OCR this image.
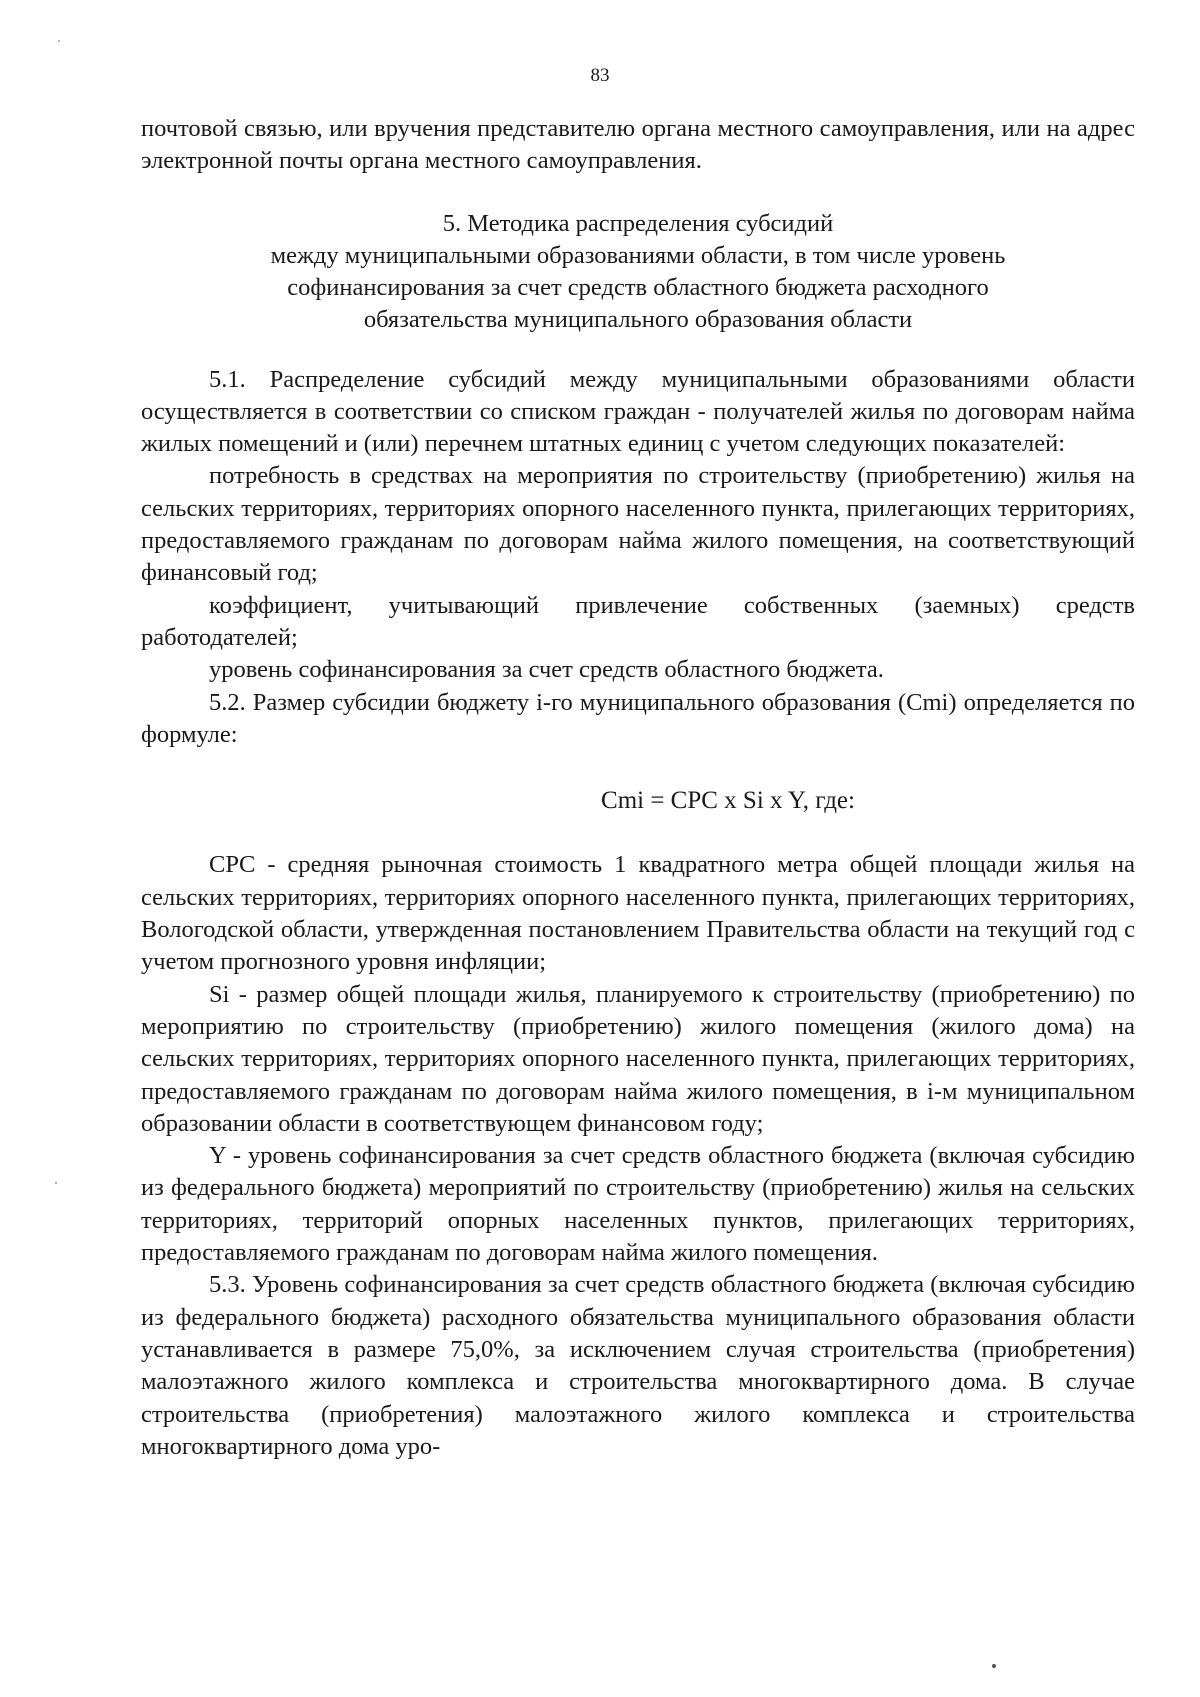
83

почтовой связью, или вручения представителю органа местного самоуправления, или на адрес электронной почты органа местного самоуправления.

5. Методика распределения субсидий
между муниципальными образованиями области, в том числе уровень
софинансирования за счет средств областного бюджета расходного
обязательства муниципального образования области

5.1. Распределение субсидий между муниципальными образованиями области осуществляется в соответствии со списком граждан - получателей жилья по договорам найма жилых помещений и (или) перечнем штатных единиц с учетом следующих показателей:

потребность в средствах на мероприятия по строительству (приобретению) жилья на сельских территориях, территориях опорного населенного пункта, прилегающих территориях, предоставляемого гражданам по договорам найма жилого помещения, на соответствующий финансовый год;

коэффициент, учитывающий привлечение собственных (заемных) средств работодателей;

уровень софинансирования за счет средств областного бюджета.

5.2. Размер субсидии бюджету i-го муниципального образования (Cmi) определяется по формуле:

Cmi = CPC x Si x Y, где:

CPC - средняя рыночная стоимость 1 квадратного метра общей площади жилья на сельских территориях, территориях опорного населенного пункта, прилегающих территориях, Вологодской области, утвержденная постановлением Правительства области на текущий год с учетом прогнозного уровня инфляции;

Si - размер общей площади жилья, планируемого к строительству (приобретению) по мероприятию по строительству (приобретению) жилого помещения (жилого дома) на сельских территориях, территориях опорного населенного пункта, прилегающих территориях, предоставляемого гражданам по договорам найма жилого помещения, в i-м муниципальном образовании области в соответствующем финансовом году;

Y - уровень софинансирования за счет средств областного бюджета (включая субсидию из федерального бюджета) мероприятий по строительству (приобретению) жилья на сельских территориях, территорий опорных населенных пунктов, прилегающих территориях, предоставляемого гражданам по договорам найма жилого помещения.

5.3. Уровень софинансирования за счет средств областного бюджета (включая субсидию из федерального бюджета) расходного обязательства муниципального образования области устанавливается в размере 75,0%, за исключением случая строительства (приобретения) малоэтажного жилого комплекса и строительства многоквартирного дома. В случае строительства (приобретения) малоэтажного жилого комплекса и строительства многоквартирного дома уро-
